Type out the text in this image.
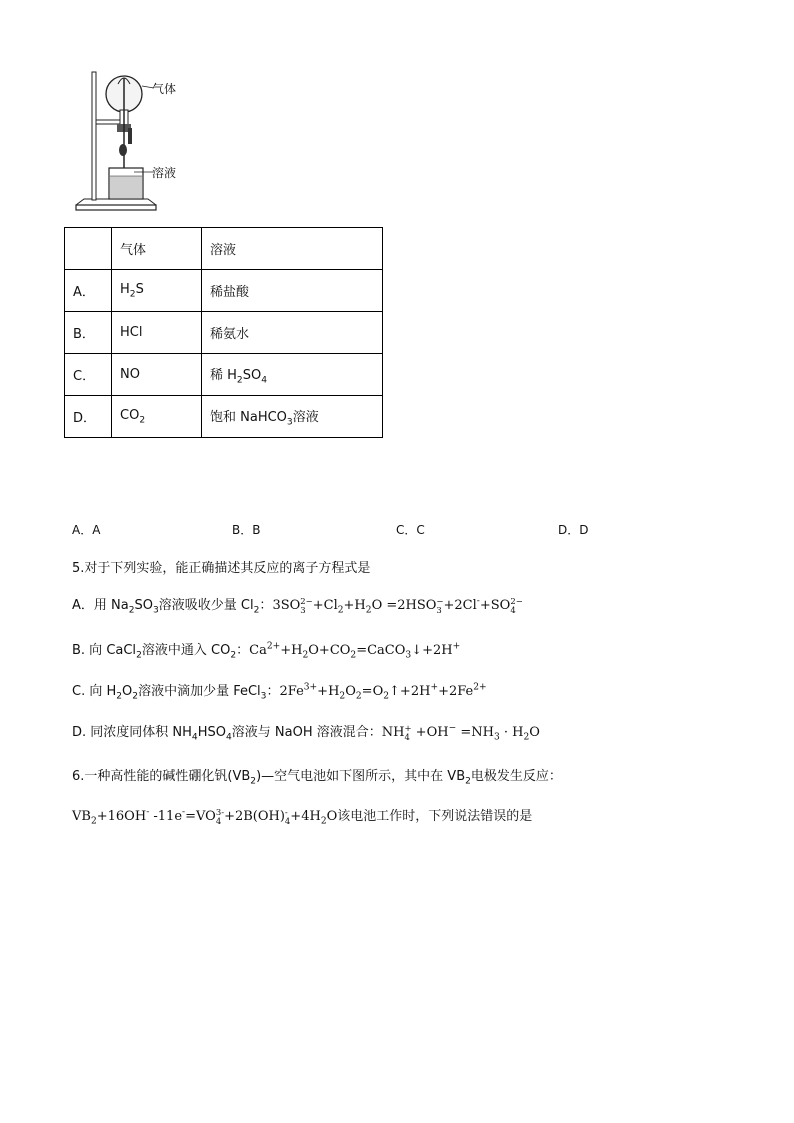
气体
溶液
	气体	溶液
A．	$H_2S$	稀盐酸
B．	HCl	稀氨水
C．	NO	稀 $H_2SO_4$
D．	$CO_2$	饱和 NaHCO$_3$溶液
A．A	B．B	C．C	D．D
5.对于下列实验，能正确描述其反应的离子方程式是
A．用 $Na_2SO_3$溶液吸收少量 $Cl_2$：3SO 2−
$3 +Cl_2+H_2O =2HSO$ −
3 +2Cl-+SO 2−
4
B. 向 CaCl$_2$溶液中通入 $CO_2$：$Ca^{2+}+H_2O+CO_2=CaCO_3↓+2H^+$
C. 向 $H_2O_2$溶液中滴加少量 FeCl$_3$：$2Fe^{3+}+H_2O_2=O_2↑+2H^++2Fe^{2+}$
D. 同浓度同体积 $NH_4HSO_4$溶液与 NaOH 溶液混合：NH +
$4 +OH^- =NH_3 \cdot H_2O$
6.一种高性能的碱性硼化钒$(VB_2)—$空气电池如下图所示，其中在 $VB_2$电极发生反应：
$VB_2+16OH^-$ -11e-=VO 3-
4 +2B(OH) -
$4 +4H_2O$该电池工作时，下列说法错误的是
